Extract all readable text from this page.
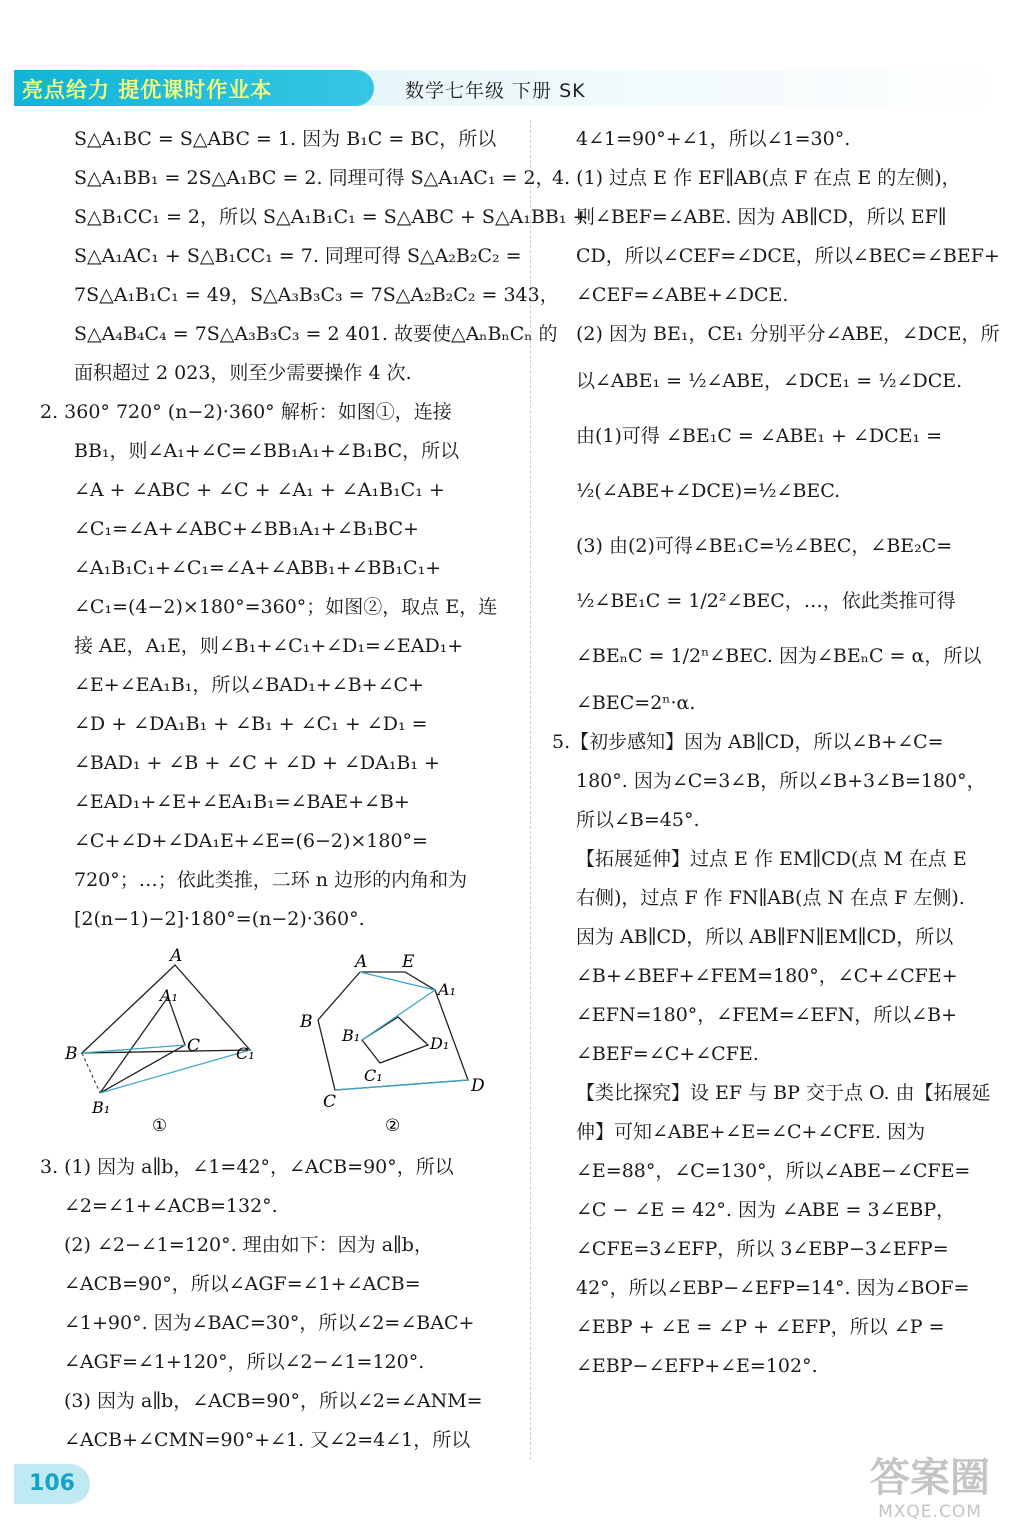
亮点给力 提优课时作业本	数学七年级 下册 SK
S△A₁BC = S△ABC = 1. 因为 B₁C = BC，所以
S△A₁BB₁ = 2S△A₁BC = 2. 同理可得 S△A₁AC₁ = 2，
S△B₁CC₁ = 2，所以 S△A₁B₁C₁ = S△ABC + S△A₁BB₁ +
S△A₁AC₁ + S△B₁CC₁ = 7. 同理可得 S△A₂B₂C₂ =
7S△A₁B₁C₁ = 49，S△A₃B₃C₃ = 7S△A₂B₂C₂ = 343，
S△A₄B₄C₄ = 7S△A₃B₃C₃ = 2 401. 故要使△AₙBₙCₙ 的
面积超过 2 023，则至少需要操作 4 次.
2. 360° 720° (n−2)·360° 解析：如图①，连接
BB₁，则∠A₁+∠C=∠BB₁A₁+∠B₁BC，所以
∠A + ∠ABC + ∠C + ∠A₁ + ∠A₁B₁C₁ +
∠C₁=∠A+∠ABC+∠BB₁A₁+∠B₁BC+
∠A₁B₁C₁+∠C₁=∠A+∠ABB₁+∠BB₁C₁+
∠C₁=(4−2)×180°=360°；如图②，取点 E，连
接 AE，A₁E，则∠B₁+∠C₁+∠D₁=∠EAD₁+
∠E+∠EA₁B₁，所以∠BAD₁+∠B+∠C+
∠D + ∠DA₁B₁ + ∠B₁ + ∠C₁ + ∠D₁ =
∠BAD₁ + ∠B + ∠C + ∠D + ∠DA₁B₁ +
∠EAD₁+∠E+∠EA₁B₁=∠BAE+∠B+
∠C+∠D+∠DA₁E+∠E=(6−2)×180°=
720°；…；依此类推，二环 n 边形的内角和为
[2(n−1)−2]·180°=(n−2)·360°.
A
A₁
B	C C₁
B₁
①
A E
A₁
B
B₁	D₁
C₁
C
D
②
3. (1) 因为 a∥b，∠1=42°，∠ACB=90°，所以
∠2=∠1+∠ACB=132°.
(2) ∠2−∠1=120°. 理由如下：因为 a∥b，
∠ACB=90°，所以∠AGF=∠1+∠ACB=
∠1+90°. 因为∠BAC=30°，所以∠2=∠BAC+
∠AGF=∠1+120°，所以∠2−∠1=120°.
(3) 因为 a∥b，∠ACB=90°，所以∠2=∠ANM=
∠ACB+∠CMN=90°+∠1. 又∠2=4∠1，所以
4∠1=90°+∠1，所以∠1=30°.
4. (1) 过点 E 作 EF∥AB(点 F 在点 E 的左侧)，
则∠BEF=∠ABE. 因为 AB∥CD，所以 EF∥
CD，所以∠CEF=∠DCE，所以∠BEC=∠BEF+
∠CEF=∠ABE+∠DCE.
(2) 因为 BE₁，CE₁ 分别平分∠ABE，∠DCE，所
以∠ABE₁ = ½∠ABE，∠DCE₁ = ½∠DCE.
由(1)可得 ∠BE₁C = ∠ABE₁ + ∠DCE₁ =
½(∠ABE+∠DCE)=½∠BEC.
(3) 由(2)可得∠BE₁C=½∠BEC，∠BE₂C=
½∠BE₁C = 1/2²∠BEC，…，依此类推可得
∠BEₙC = 1/2ⁿ∠BEC. 因为∠BEₙC = α，所以
∠BEC=2ⁿ·α.
5.【初步感知】因为 AB∥CD，所以∠B+∠C=
180°. 因为∠C=3∠B，所以∠B+3∠B=180°，
所以∠B=45°.
【拓展延伸】过点 E 作 EM∥CD(点 M 在点 E
右侧)，过点 F 作 FN∥AB(点 N 在点 F 左侧).
因为 AB∥CD，所以 AB∥FN∥EM∥CD，所以
∠B+∠BEF+∠FEM=180°，∠C+∠CFE+
∠EFN=180°，∠FEM=∠EFN，所以∠B+
∠BEF=∠C+∠CFE.
【类比探究】设 EF 与 BP 交于点 O. 由【拓展延
伸】可知∠ABE+∠E=∠C+∠CFE. 因为
∠E=88°，∠C=130°，所以∠ABE−∠CFE=
∠C − ∠E = 42°. 因为 ∠ABE = 3∠EBP，
∠CFE=3∠EFP，所以 3∠EBP−3∠EFP=
42°，所以∠EBP−∠EFP=14°. 因为∠BOF=
∠EBP + ∠E = ∠P + ∠EFP，所以 ∠P =
∠EBP−∠EFP+∠E=102°.
106	答案圈
MXQE.COM
